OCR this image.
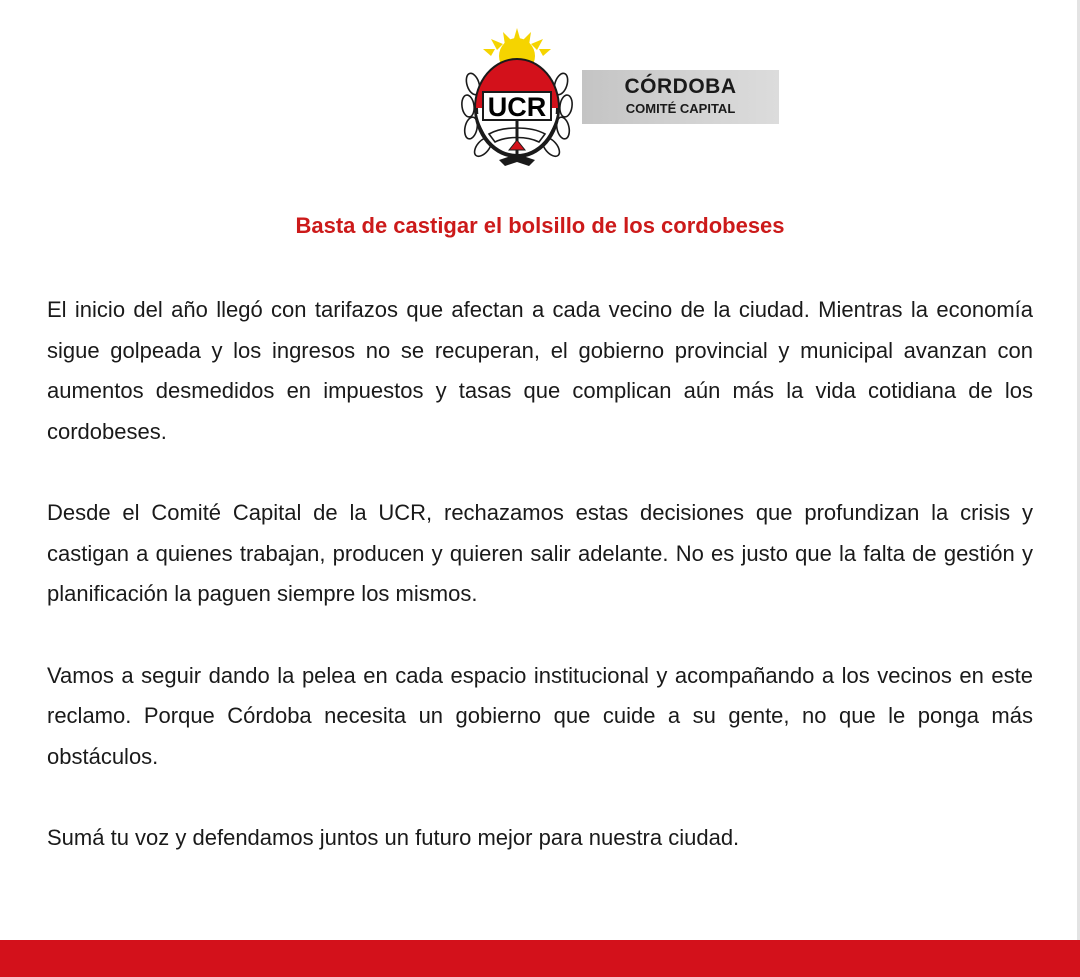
UCR
CÓRDOBA
COMITÉ CAPITAL
Basta de castigar el bolsillo de los cordobeses

El inicio del año llegó con tarifazos que afectan a cada vecino de la ciudad. Mientras la economía sigue golpeada y los ingresos no se recuperan, el gobierno provincial y municipal avanzan con aumentos desmedidos en impuestos y tasas que complican aún más la vida cotidiana de los cordobeses.

Desde el Comité Capital de la UCR, rechazamos estas decisiones que profundizan la crisis y castigan a quienes trabajan, producen y quieren salir adelante. No es justo que la falta de gestión y planificación la paguen siempre los mismos.

Vamos a seguir dando la pelea en cada espacio institucional y acompañando a los vecinos en este reclamo. Porque Córdoba necesita un gobierno que cuide a su gente, no que le ponga más obstáculos.

Sumá tu voz y defendamos juntos un futuro mejor para nuestra ciudad.
